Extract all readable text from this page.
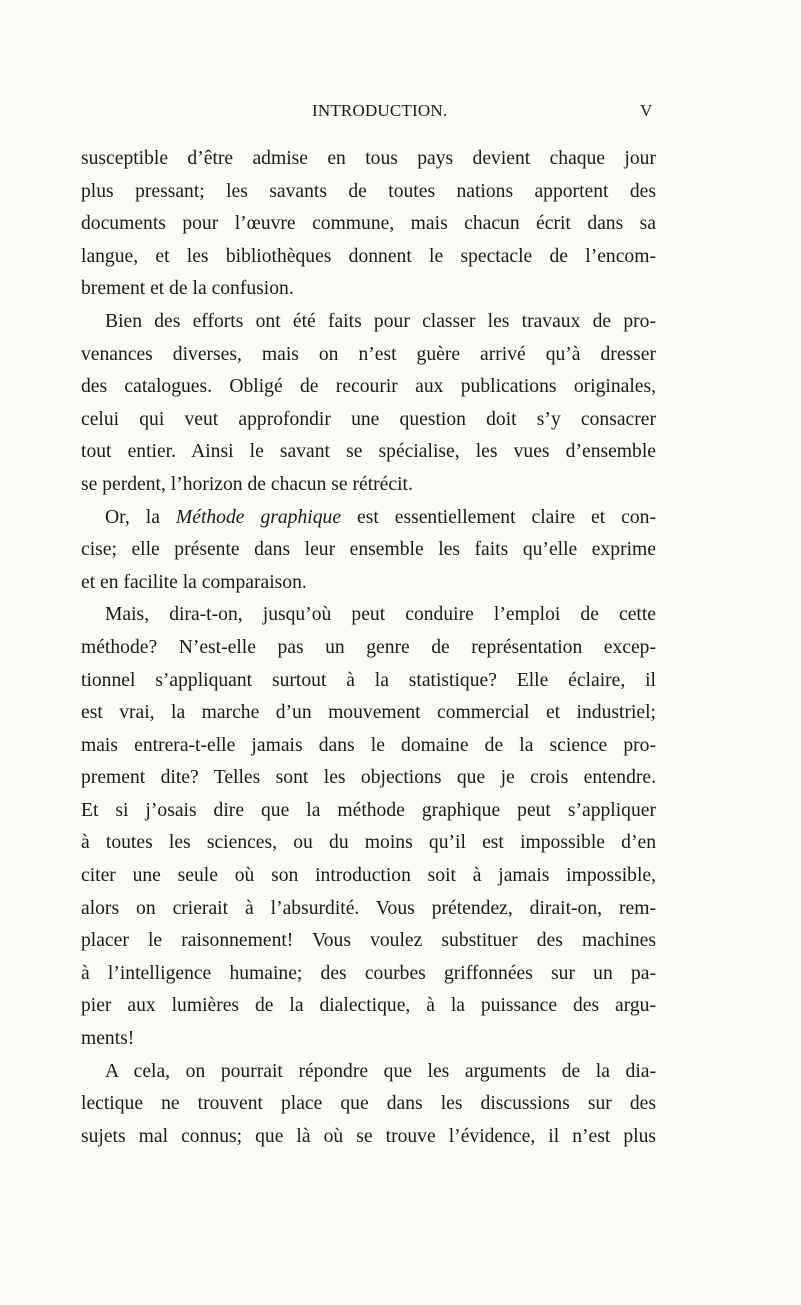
INTRODUCTION.	V
susceptible d’être admise en tous pays devient chaque jour
plus pressant; les savants de toutes nations apportent des
documents pour l’œuvre commune, mais chacun écrit dans sa
langue, et les bibliothèques donnent le spectacle de l’encom-
brement et de la confusion.
Bien des efforts ont été faits pour classer les travaux de pro-
venances diverses, mais on n’est guère arrivé qu’à dresser
des catalogues. Obligé de recourir aux publications originales,
celui qui veut approfondir une question doit s’y consacrer
tout entier. Ainsi le savant se spécialise, les vues d’ensemble
se perdent, l’horizon de chacun se rétrécit.
Or, la Méthode graphique est essentiellement claire et con-
cise; elle présente dans leur ensemble les faits qu’elle exprime
et en facilite la comparaison.
Mais, dira-t-on, jusqu’où peut conduire l’emploi de cette
méthode? N’est-elle pas un genre de représentation excep-
tionnel s’appliquant surtout à la statistique? Elle éclaire, il
est vrai, la marche d’un mouvement commercial et industriel;
mais entrera-t-elle jamais dans le domaine de la science pro-
prement dite? Telles sont les objections que je crois entendre.
Et si j’osais dire que la méthode graphique peut s’appliquer
à toutes les sciences, ou du moins qu’il est impossible d’en
citer une seule où son introduction soit à jamais impossible,
alors on crierait à l’absurdité. Vous prétendez, dirait-on, rem-
placer le raisonnement! Vous voulez substituer des machines
à l’intelligence humaine; des courbes griffonnées sur un pa-
pier aux lumières de la dialectique, à la puissance des argu-
ments!
A cela, on pourrait répondre que les arguments de la dia-
lectique ne trouvent place que dans les discussions sur des
sujets mal connus; que là où se trouve l’évidence, il n’est plus
